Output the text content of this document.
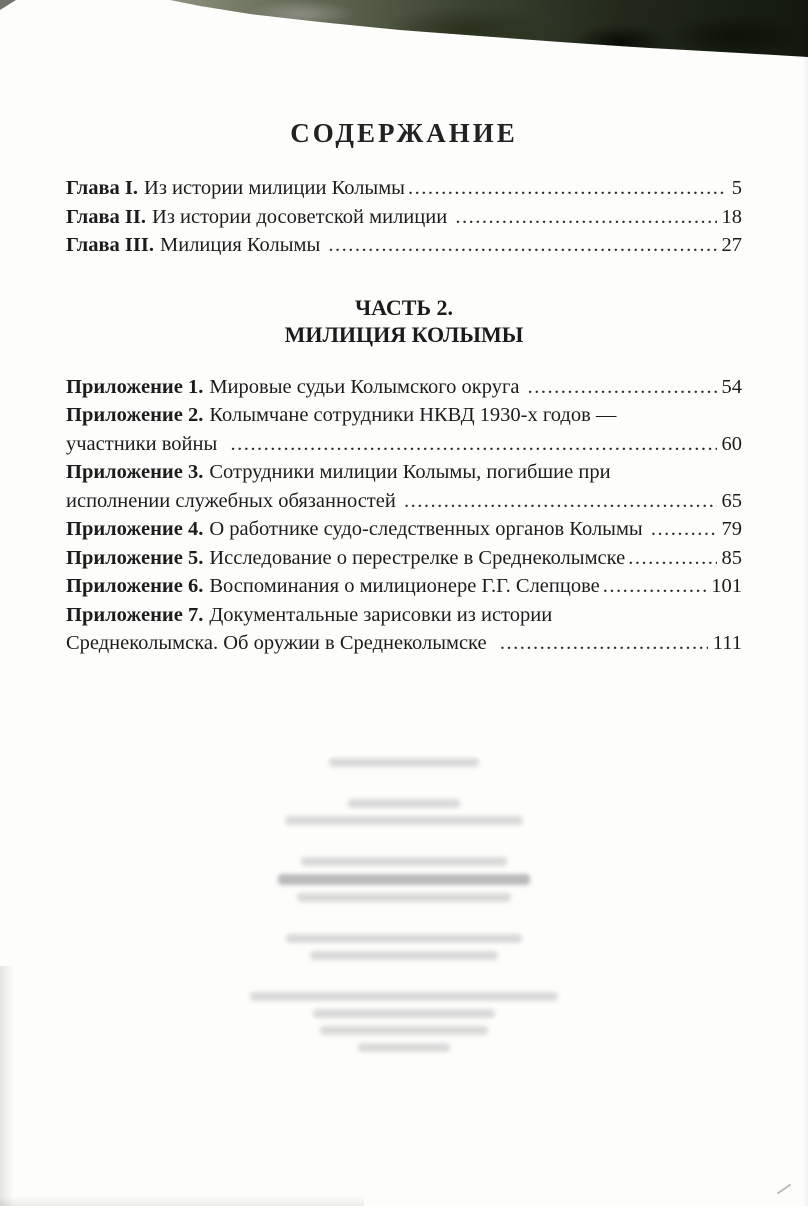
СОДЕРЖАНИЕ
Глава I. Из истории милиции Колымы .....	5
Глава II. Из истории досоветской милиции .....	18
Глава III. Милиция Колымы .....	27
ЧАСТЬ 2.
МИЛИЦИЯ КОЛЫМЫ
Приложение 1. Мировые судьи Колымского округа .....	54
Приложение 2. Колымчане сотрудники НКВД 1930-х годов —
участники войны .....	60
Приложение 3. Сотрудники милиции Колымы, погибшие при
исполнении служебных обязанностей .....	65
Приложение 4. О работнике судо-следственных органов Колымы .....	79
Приложение 5. Исследование о перестрелке в Среднеколымске .....	85
Приложение 6. Воспоминания о милиционере Г.Г. Слепцове .....	101
Приложение 7. Документальные зарисовки из истории
Среднеколымска. Об оружии в Среднеколымске .....	111
